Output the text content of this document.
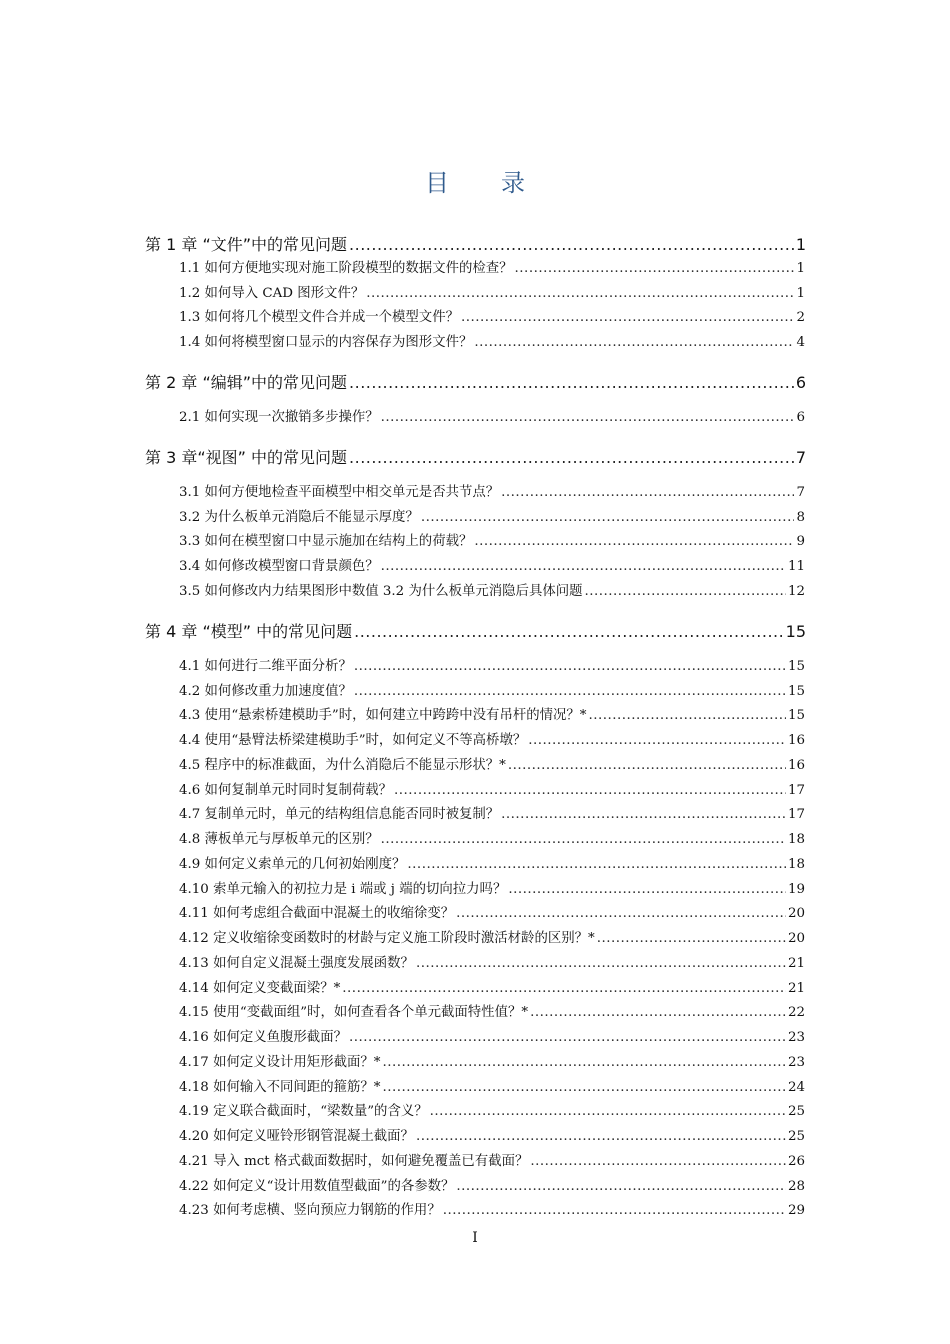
目录
第 1 章 “文件”中的常见问题 .....	1
1.1 如何方便地实现对施工阶段模型的数据文件的检查？ .....	1
1.2 如何导入 CAD 图形文件？ .....	1
1.3 如何将几个模型文件合并成一个模型文件？ .....	2
1.4 如何将模型窗口显示的内容保存为图形文件？ .....	4
第 2 章 “编辑”中的常见问题 .....	6
2.1 如何实现一次撤销多步操作？ .....	6
第 3 章“视图” 中的常见问题 .....	7
3.1 如何方便地检查平面模型中相交单元是否共节点？ .....	7
3.2 为什么板单元消隐后不能显示厚度？ .....	8
3.3 如何在模型窗口中显示施加在结构上的荷载？ .....	9
3.4 如何修改模型窗口背景颜色？ .....	11
3.5 如何修改内力结果图形中数值 3.2 为什么板单元消隐后具体问题 .....	12
第 4 章 “模型” 中的常见问题 .....	15
4.1 如何进行二维平面分析？ .....	15
4.2 如何修改重力加速度值？ .....	15
4.3 使用“悬索桥建模助手”时，如何建立中跨跨中没有吊杆的情况？* .....	15
4.4 使用“悬臂法桥梁建模助手”时，如何定义不等高桥墩？ .....	16
4.5 程序中的标准截面，为什么消隐后不能显示形状？* .....	16
4.6 如何复制单元时同时复制荷载？ .....	17
4.7 复制单元时，单元的结构组信息能否同时被复制？ .....	17
4.8 薄板单元与厚板单元的区别？ .....	18
4.9 如何定义索单元的几何初始刚度？ .....	18
4.10 索单元输入的初拉力是 i 端或 j 端的切向拉力吗？ .....	19
4.11 如何考虑组合截面中混凝土的收缩徐变？ .....	20
4.12 定义收缩徐变函数时的材龄与定义施工阶段时激活材龄的区别？* .....	20
4.13 如何自定义混凝土强度发展函数？ .....	21
4.14 如何定义变截面梁？* .....	21
4.15 使用“变截面组”时，如何查看各个单元截面特性值？* .....	22
4.16 如何定义鱼腹形截面？ .....	23
4.17 如何定义设计用矩形截面？* .....	23
4.18 如何输入不同间距的箍筋？* .....	24
4.19 定义联合截面时，“梁数量”的含义？ .....	25
4.20 如何定义哑铃形钢管混凝土截面？ .....	25
4.21 导入 mct 格式截面数据时，如何避免覆盖已有截面？ .....	26
4.22 如何定义“设计用数值型截面”的各参数？ .....	28
4.23 如何考虑横、竖向预应力钢筋的作用？ .....	29
I
